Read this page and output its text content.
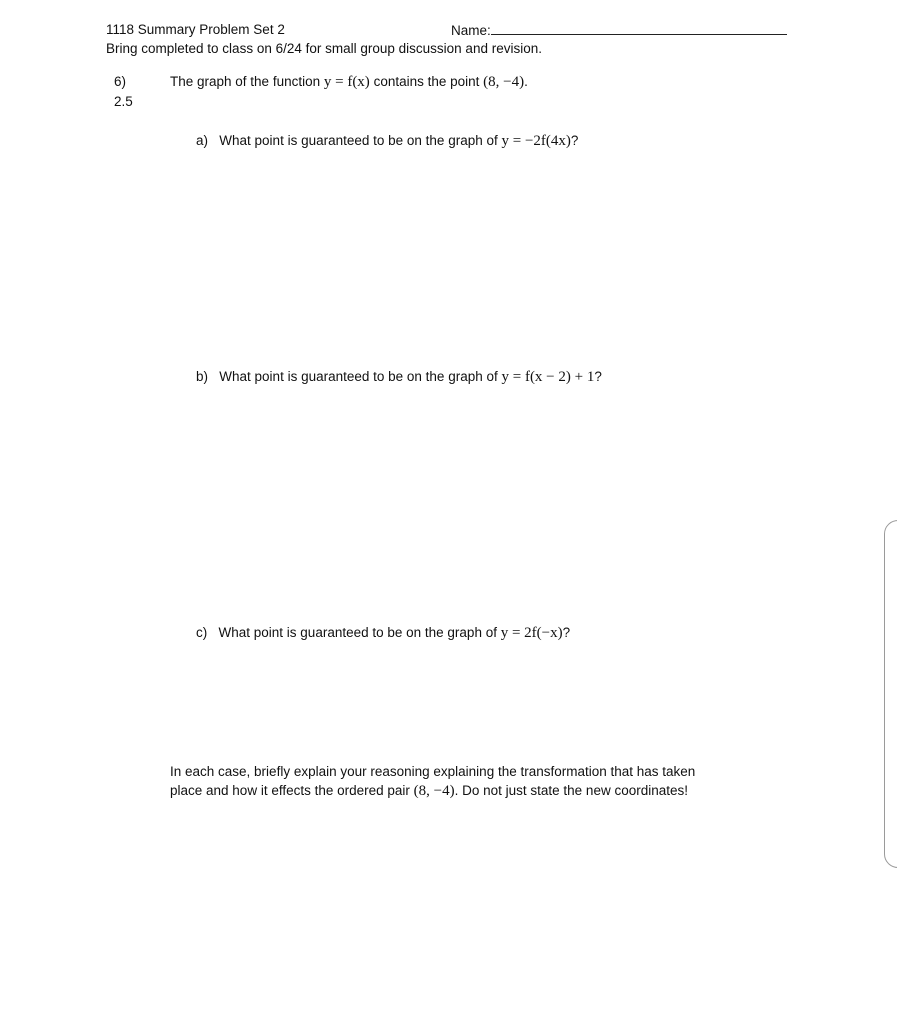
1118 Summary Problem Set 2	Name:
Bring completed to class on 6/24 for small group discussion and revision.
6)
2.5
The graph of the function y = f(x) contains the point (8, −4).
a) What point is guaranteed to be on the graph of y = −2f(4x)?
b) What point is guaranteed to be on the graph of y = f(x − 2) + 1?
c) What point is guaranteed to be on the graph of y = 2f(−x)?
In each case, briefly explain your reasoning explaining the transformation that has taken
place and how it effects the ordered pair (8, −4). Do not just state the new coordinates!
